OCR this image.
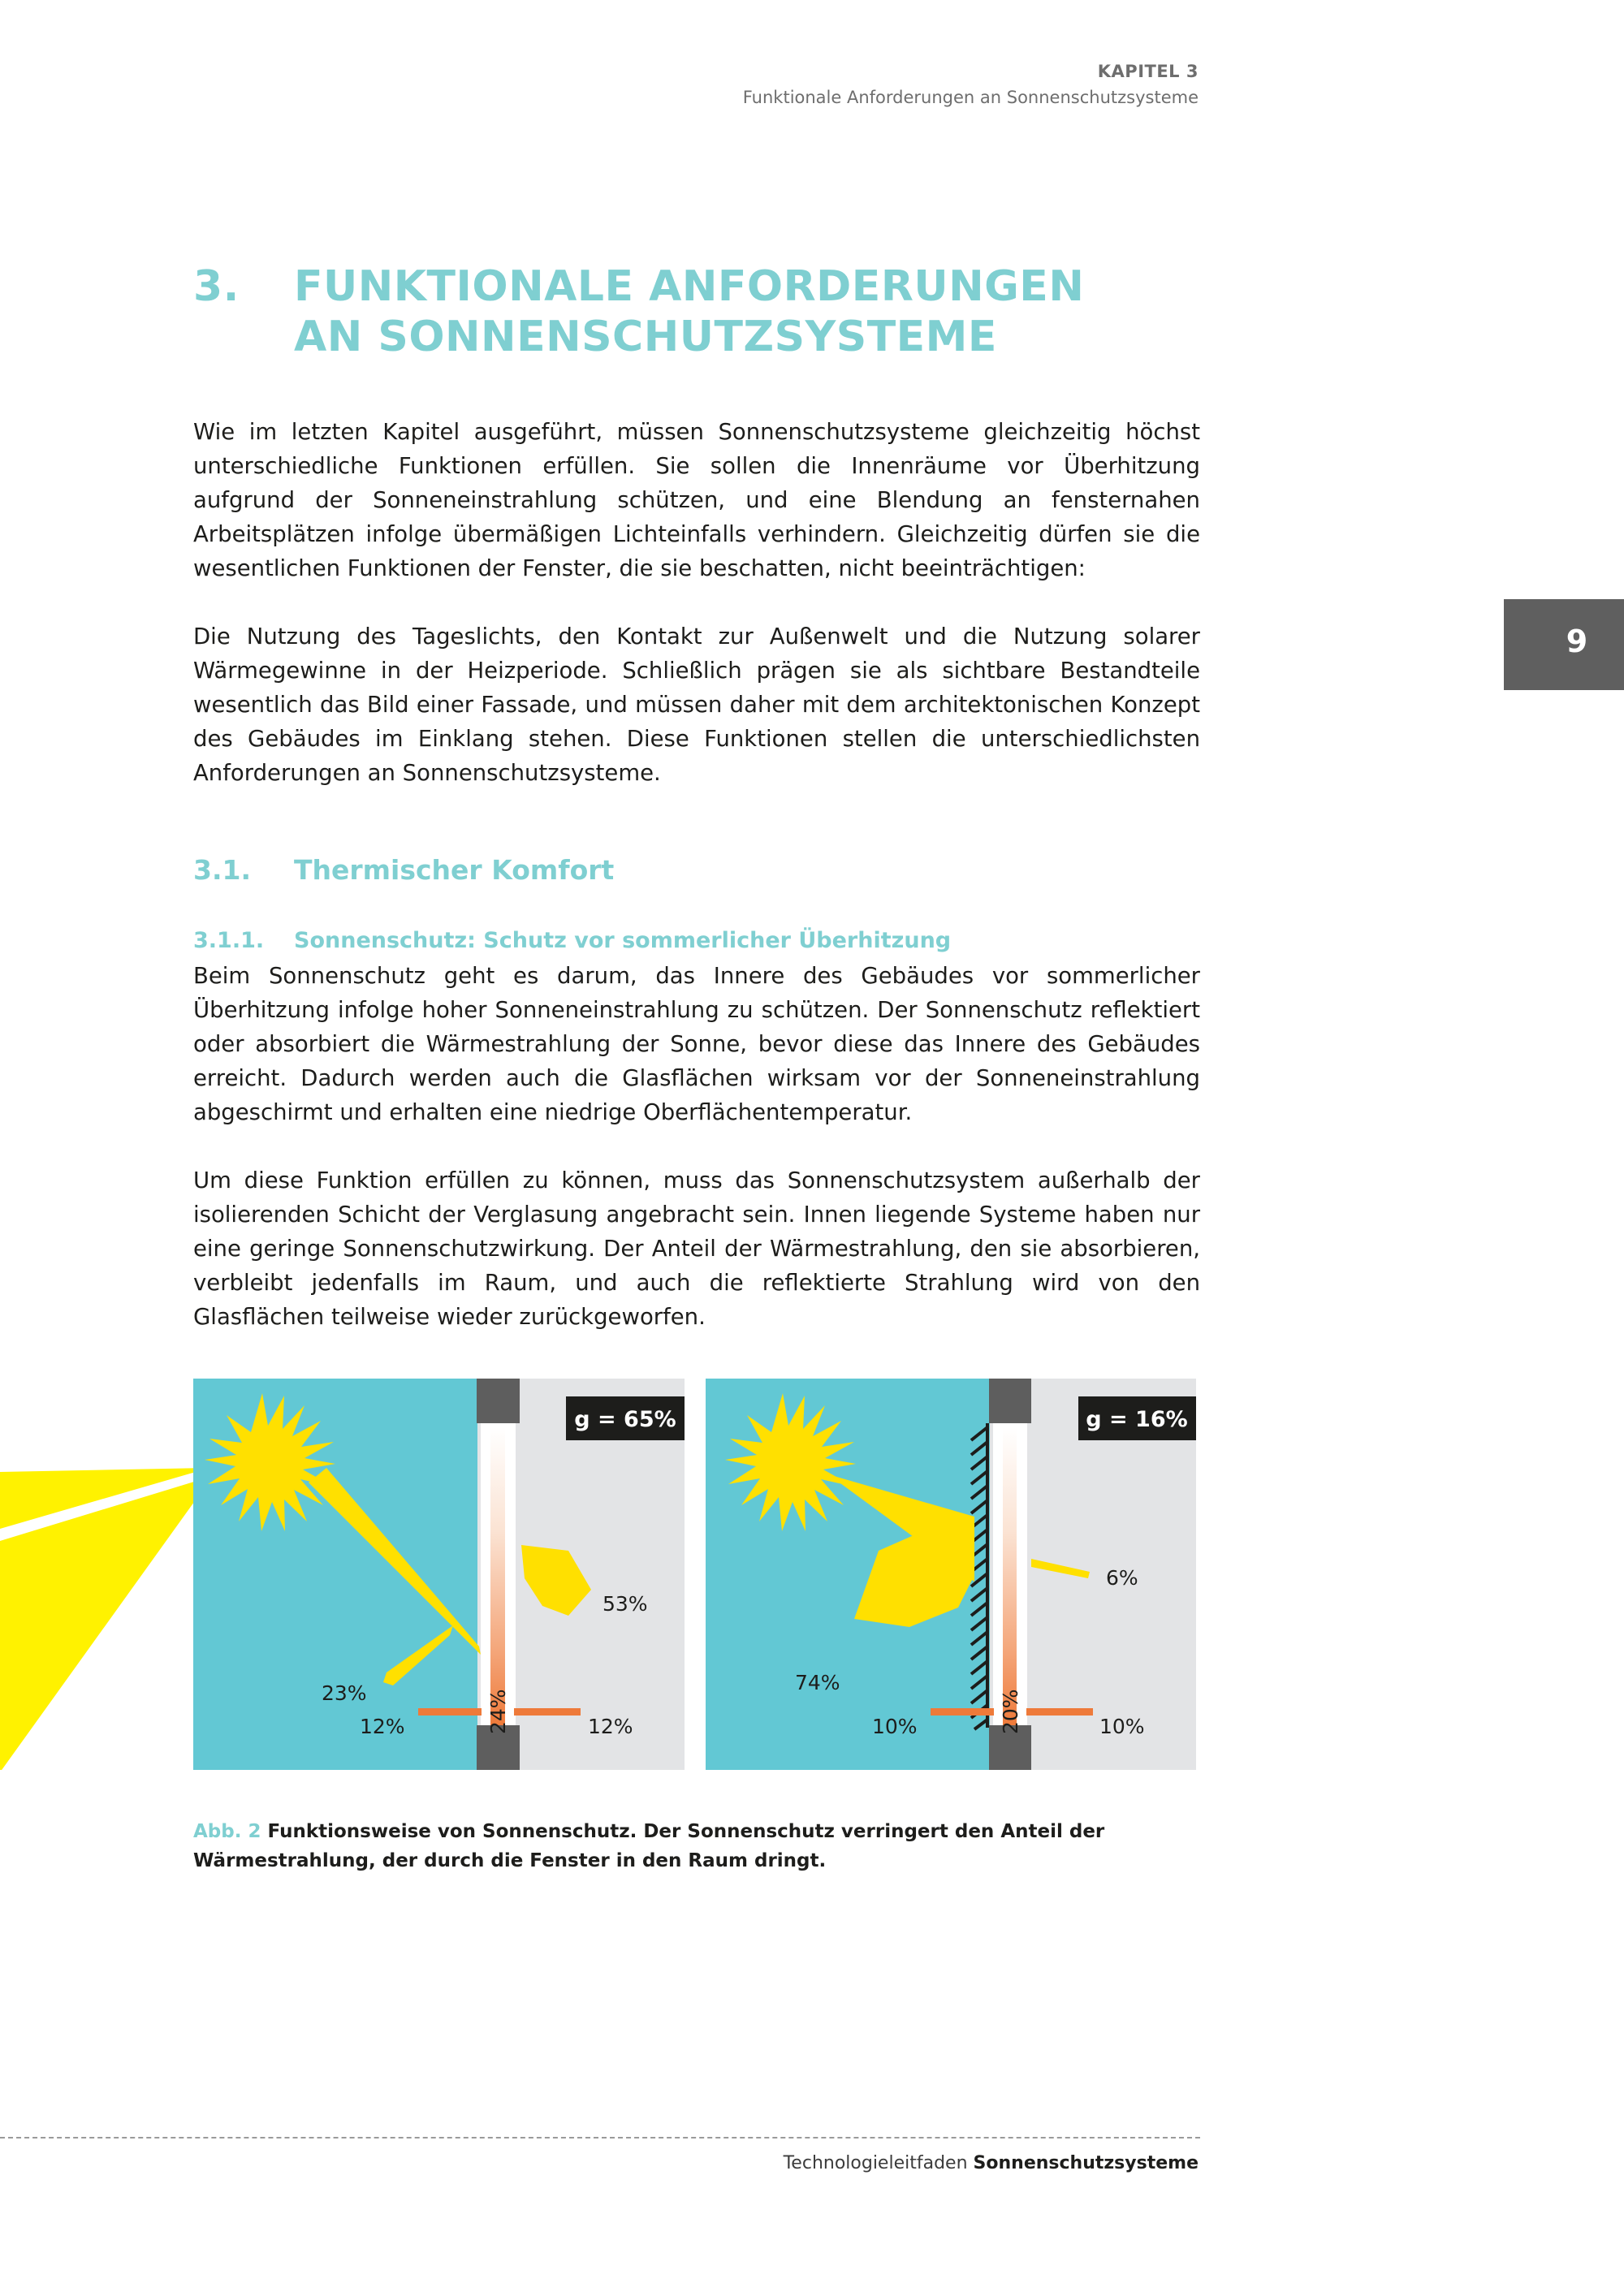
KAPITEL 3
Funktionale Anforderungen an Sonnenschutzsysteme
9
3. FUNKTIONALE ANFORDERUNGEN
AN SONNENSCHUTZSYSTEME

Wie im letzten Kapitel ausgeführt, müssen Sonnenschutzsysteme gleichzeitig höchst unterschiedliche Funktionen erfüllen. Sie sollen die Innenräume vor Überhitzung aufgrund der Sonneneinstrahlung schützen, und eine Blendung an fensternahen Arbeitsplätzen infolge übermäßigen Lichteinfalls verhindern. Gleichzeitig dürfen sie die wesentlichen Funktionen der Fenster, die sie beschatten, nicht beeinträchtigen:

Die Nutzung des Tageslichts, den Kontakt zur Außenwelt und die Nutzung solarer Wärmegewinne in der Heizperiode. Schließlich prägen sie als sichtbare Bestandteile wesentlich das Bild einer Fassade, und müssen daher mit dem architektonischen Konzept des Gebäudes im Einklang stehen. Diese Funktionen stellen die unterschiedlichsten Anforderungen an Sonnenschutzsysteme.

3.1. Thermischer Komfort
3.1.1. Sonnenschutz: Schutz vor sommerlicher Überhitzung

Beim Sonnenschutz geht es darum, das Innere des Gebäudes vor sommerlicher Überhitzung infolge hoher Sonneneinstrahlung zu schützen. Der Sonnenschutz reflektiert oder absorbiert die Wärmestrahlung der Sonne, bevor diese das Innere des Gebäudes erreicht. Dadurch werden auch die Glasflächen wirksam vor der Sonneneinstrahlung abgeschirmt und erhalten eine niedrige Oberflächentemperatur.

Um diese Funktion erfüllen zu können, muss das Sonnenschutzsystem außerhalb der isolierenden Schicht der Verglasung angebracht sein. Innen liegende Systeme haben nur eine geringe Sonnenschutzwirkung. Der Anteil der Wärmestrahlung, den sie absorbieren, verbleibt jedenfalls im Raum, und auch die reflektierte Strahlung wird von den Glasflächen teilweise wieder zurückgeworfen.

g = 65%
23%
12%	24%	12%
53%
g = 16%
74%
10%	20%	10%
6%
Abb. 2 Funktionsweise von Sonnenschutz. Der Sonnenschutz verringert den Anteil der Wärmestrahlung, der durch die Fenster in den Raum dringt.
Technologieleitfaden Sonnenschutzsysteme
